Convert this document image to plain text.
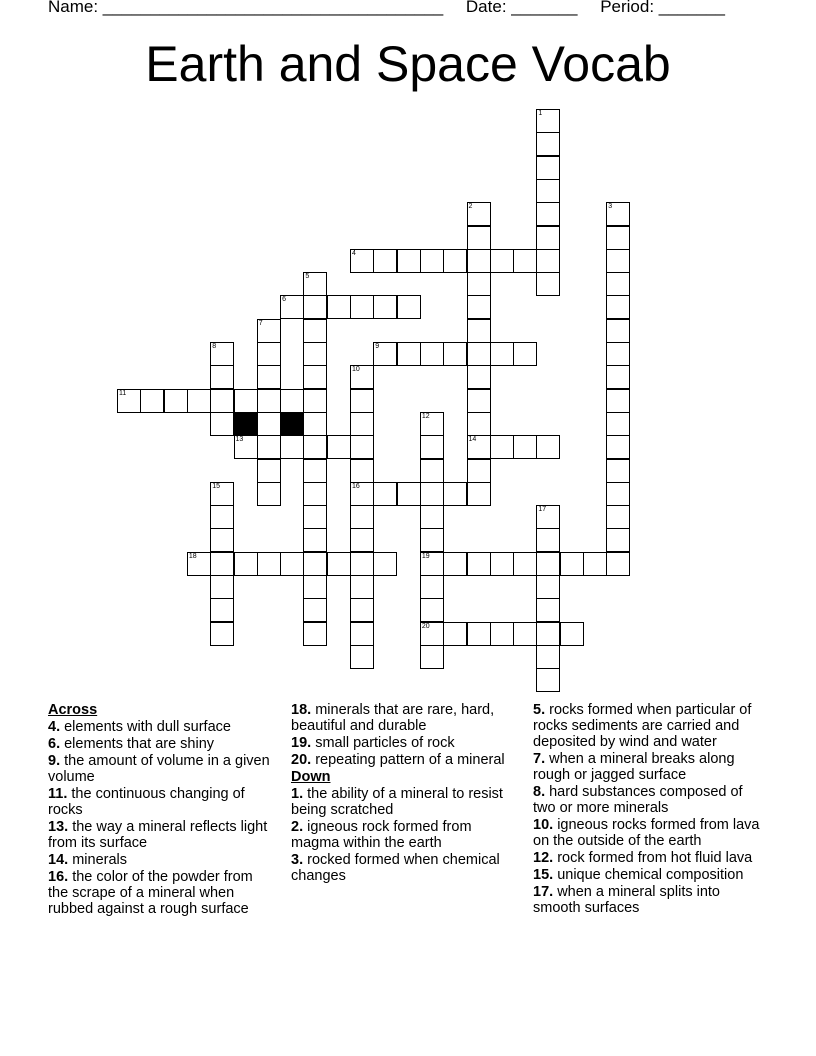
Name: ____________________________________ Date: _______ Period: _______
Earth and Space Vocab
1
2
14
3
4
5
6
7
8	9
10
16
11
12
19
20
13
15
17
18
Across
4. elements with dull surface
6. elements that are shiny
9. the amount of volume in a given volume
11. the continuous changing of rocks
13. the way a mineral reflects light from its surface
14. minerals
16. the color of the powder from the scrape of a mineral when rubbed against a rough surface
18. minerals that are rare, hard, beautiful and durable
19. small particles of rock
20. repeating pattern of a mineral
Down
1. the ability of a mineral to resist being scratched
2. igneous rock formed from magma within the earth
3. rocked formed when chemical changes
5. rocks formed when particular of rocks sediments are carried and deposited by wind and water
7. when a mineral breaks along rough or jagged surface
8. hard substances composed of two or more minerals
10. igneous rocks formed from lava on the outside of the earth
12. rock formed from hot fluid lava
15. unique chemical composition
17. when a mineral splits into smooth surfaces
